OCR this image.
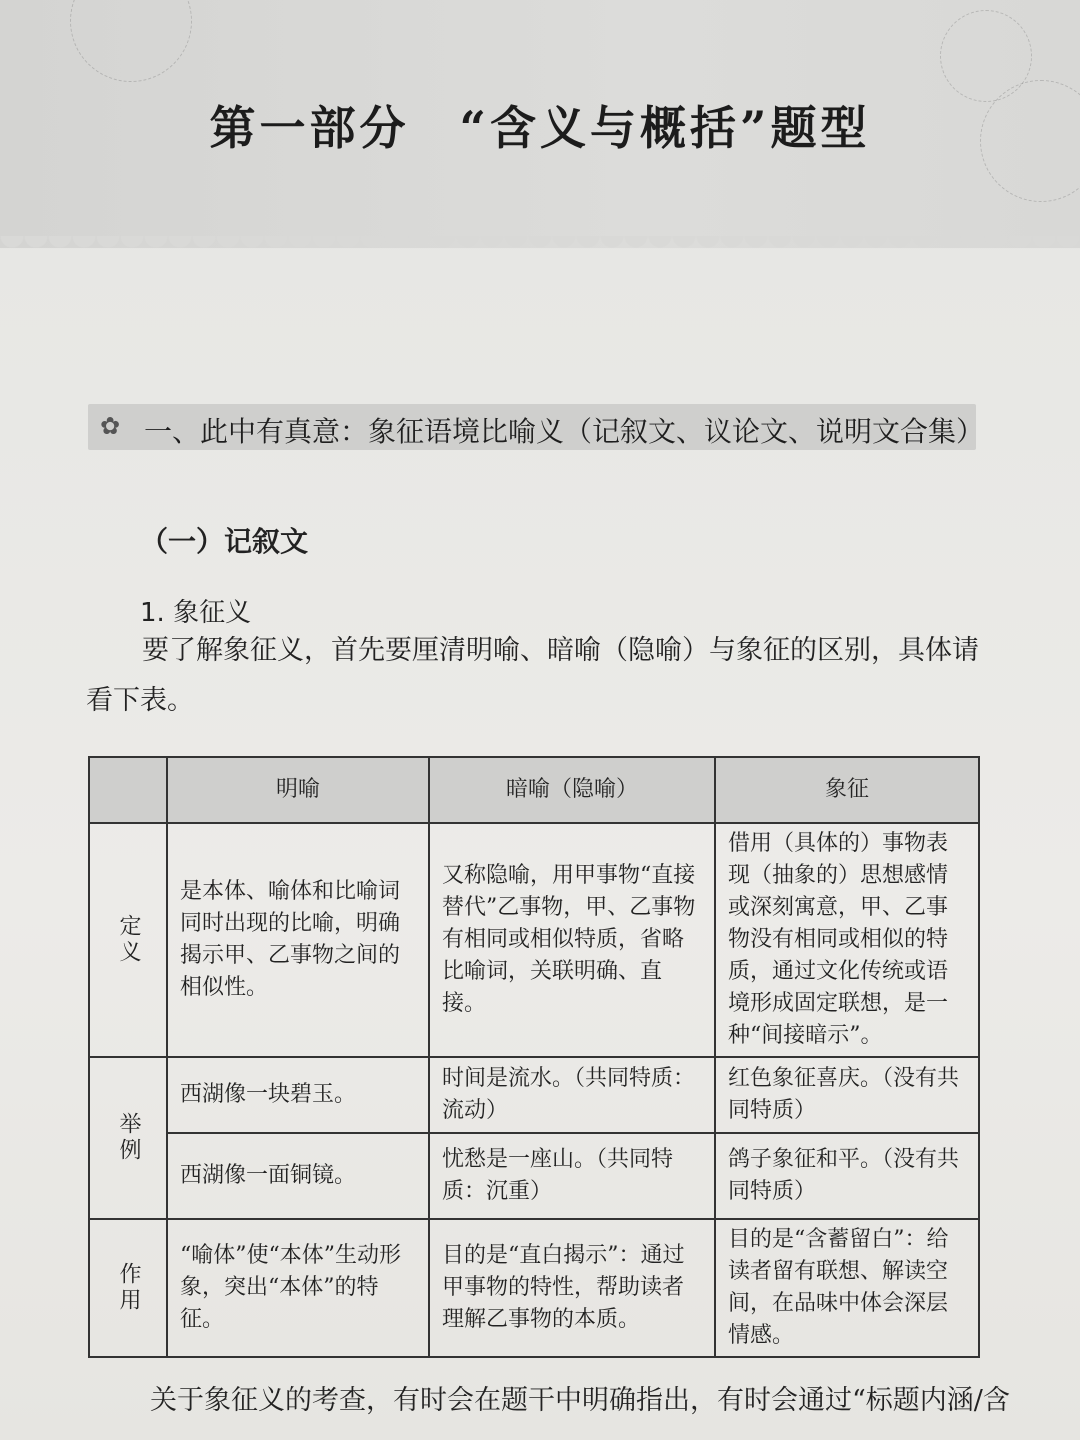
第一部分　“含义与概括”题型
✿ 一、此中有真意：象征语境比喻义（记叙文、议论文、说明文合集）
（一）记叙文
1. 象征义
要了解象征义，首先要厘清明喻、暗喻（隐喻）与象征的区别，具体请看下表。
	明喻	暗喻（隐喻）	象征

定义	是本体、喻体和比喻词同时出现的比喻，明确揭示甲、乙事物之间的相似性。	又称隐喻，用甲事物“直接替代”乙事物，甲、乙事物有相同或相似特质，省略比喻词，关联明确、直接。	借用（具体的）事物表现（抽象的）思想感情或深刻寓意，甲、乙事物没有相同或相似的特质，通过文化传统或语境形成固定联想，是一种“间接暗示”。

举例	西湖像一块碧玉。	时间是流水。（共同特质：流动）	红色象征喜庆。（没有共同特质）
	西湖像一面铜镜。	忧愁是一座山。（共同特质：沉重）	鸽子象征和平。（没有共同特质）

作用	“喻体”使“本体”生动形象，突出“本体”的特征。	目的是“直白揭示”：通过甲事物的特性，帮助读者理解乙事物的本质。	目的是“含蓄留白”：给读者留有联想、解读空间，在品味中体会深层情感。
关于象征义的考查，有时会在题干中明确指出，有时会通过“标题内涵/含
